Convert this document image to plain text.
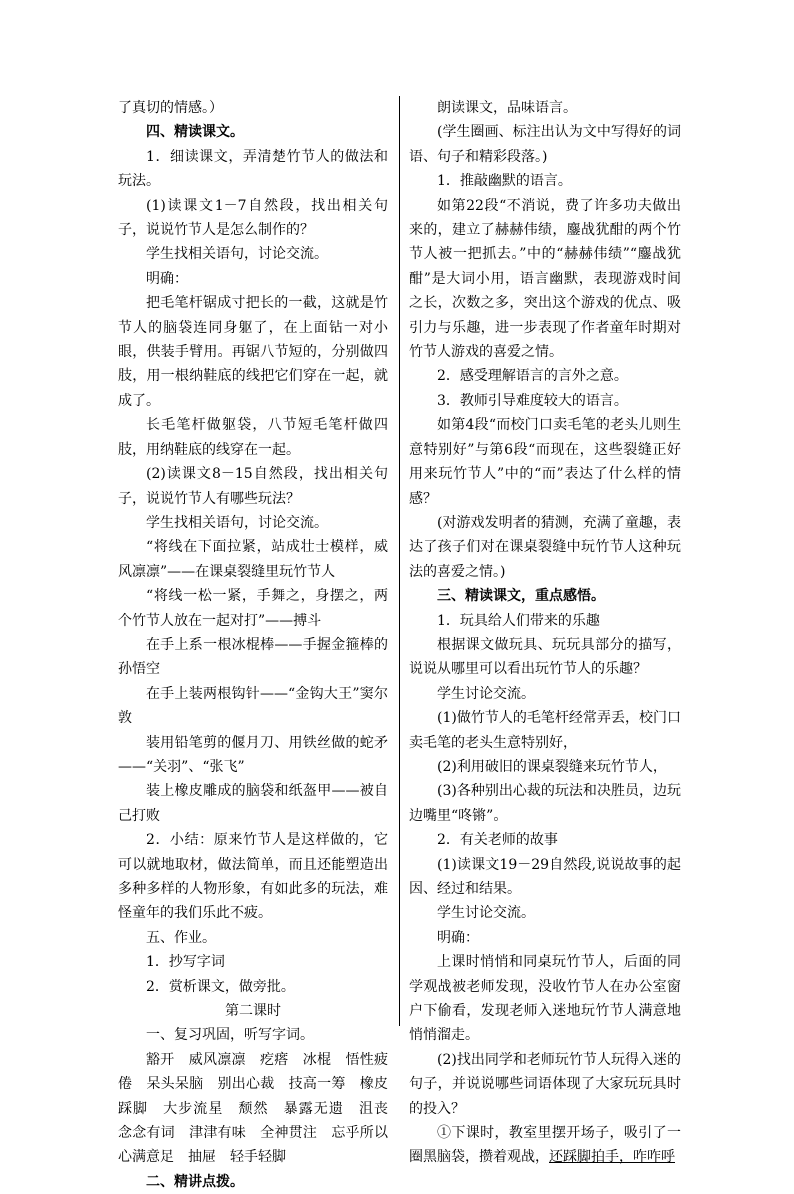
了真切的情感。）

四、精读课文。

1．细读课文，弄清楚竹节人的做法和玩法。

(1)读课文1－7自然段，找出相关句子，说说竹节人是怎么制作的？

学生找相关语句，讨论交流。

明确：

把毛笔杆锯成寸把长的一截，这就是竹节人的脑袋连同身躯了，在上面钻一对小眼，供装手臂用。再锯八节短的，分别做四肢，用一根纳鞋底的线把它们穿在一起，就成了。

长毛笔杆做躯袋，八节短毛笔杆做四肢，用纳鞋底的线穿在一起。

(2)读课文8－15自然段，找出相关句子，说说竹节人有哪些玩法？

学生找相关语句，讨论交流。

“将线在下面拉紧，站成壮士模样，威风凛凛”——在课桌裂缝里玩竹节人

“将线一松一紧，手舞之，身摆之，两个竹节人放在一起对打”——搏斗

在手上系一根冰棍棒——手握金箍棒的孙悟空

在手上装两根钩针——“金钩大王”窦尔敦

装用铅笔剪的偃月刀、用铁丝做的蛇矛——“关羽”、“张飞”

装上橡皮雕成的脑袋和纸盔甲——被自己打败

2．小结：原来竹节人是这样做的，它可以就地取材，做法简单，而且还能塑造出多种多样的人物形象，有如此多的玩法，难怪童年的我们乐此不疲。

五、作业。

1．抄写字词

2．赏析课文，做旁批。

第二课时

一、复习巩固，听写字词。

豁开　威风凛凛　疙瘩　冰棍　悟性疲倦　呆头呆脑　别出心裁　技高一筹　橡皮　踩脚　大步流星　颓然　暴露无遗　沮丧　念念有词　津津有味　全神贯注　忘乎所以　心满意足　抽屉　轻手轻脚

二、精讲点拨。

朗读课文，品味语言。

(学生圈画、标注出认为文中写得好的词语、句子和精彩段落。)

1．推敲幽默的语言。

如第22段“不消说，费了许多功夫做出来的，建立了赫赫伟绩，鏖战犹酣的两个竹节人被一把抓去。”中的“赫赫伟绩”“鏖战犹酣”是大词小用，语言幽默，表现游戏时间之长，次数之多，突出这个游戏的优点、吸引力与乐趣，进一步表现了作者童年时期对竹节人游戏的喜爱之情。

2．感受理解语言的言外之意。

3．教师引导难度较大的语言。

如第4段“而校门口卖毛笔的老头儿则生意特别好”与第6段“而现在，这些裂缝正好用来玩竹节人”中的“而”表达了什么样的情感？

(对游戏发明者的猜测，充满了童趣，表达了孩子们对在课桌裂缝中玩竹节人这种玩法的喜爱之情。)

三、精读课文，重点感悟。

1．玩具给人们带来的乐趣

根据课文做玩具、玩玩具部分的描写，说说从哪里可以看出玩竹节人的乐趣？

学生讨论交流。

(1)做竹节人的毛笔杆经常弄丢，校门口卖毛笔的老头生意特别好，

(2)利用破旧的课桌裂缝来玩竹节人，

(3)各种别出心裁的玩法和决胜员，边玩边嘴里“咚锵”。

2．有关老师的故事

(1)读课文19－29自然段,说说故事的起因、经过和结果。

学生讨论交流。

明确：

上课时悄悄和同桌玩竹节人，后面的同学观战被老师发现，没收竹节人在办公室窗户下偷看，发现老师入迷地玩竹节人满意地悄悄溜走。

(2)找出同学和老师玩竹节人玩得入迷的句子，并说说哪些词语体现了大家玩玩具时的投入？

①下课时，教室里摆开场子，吸引了一圈黑脑袋，攒着观战，还踩脚拍手，咋咋呼
